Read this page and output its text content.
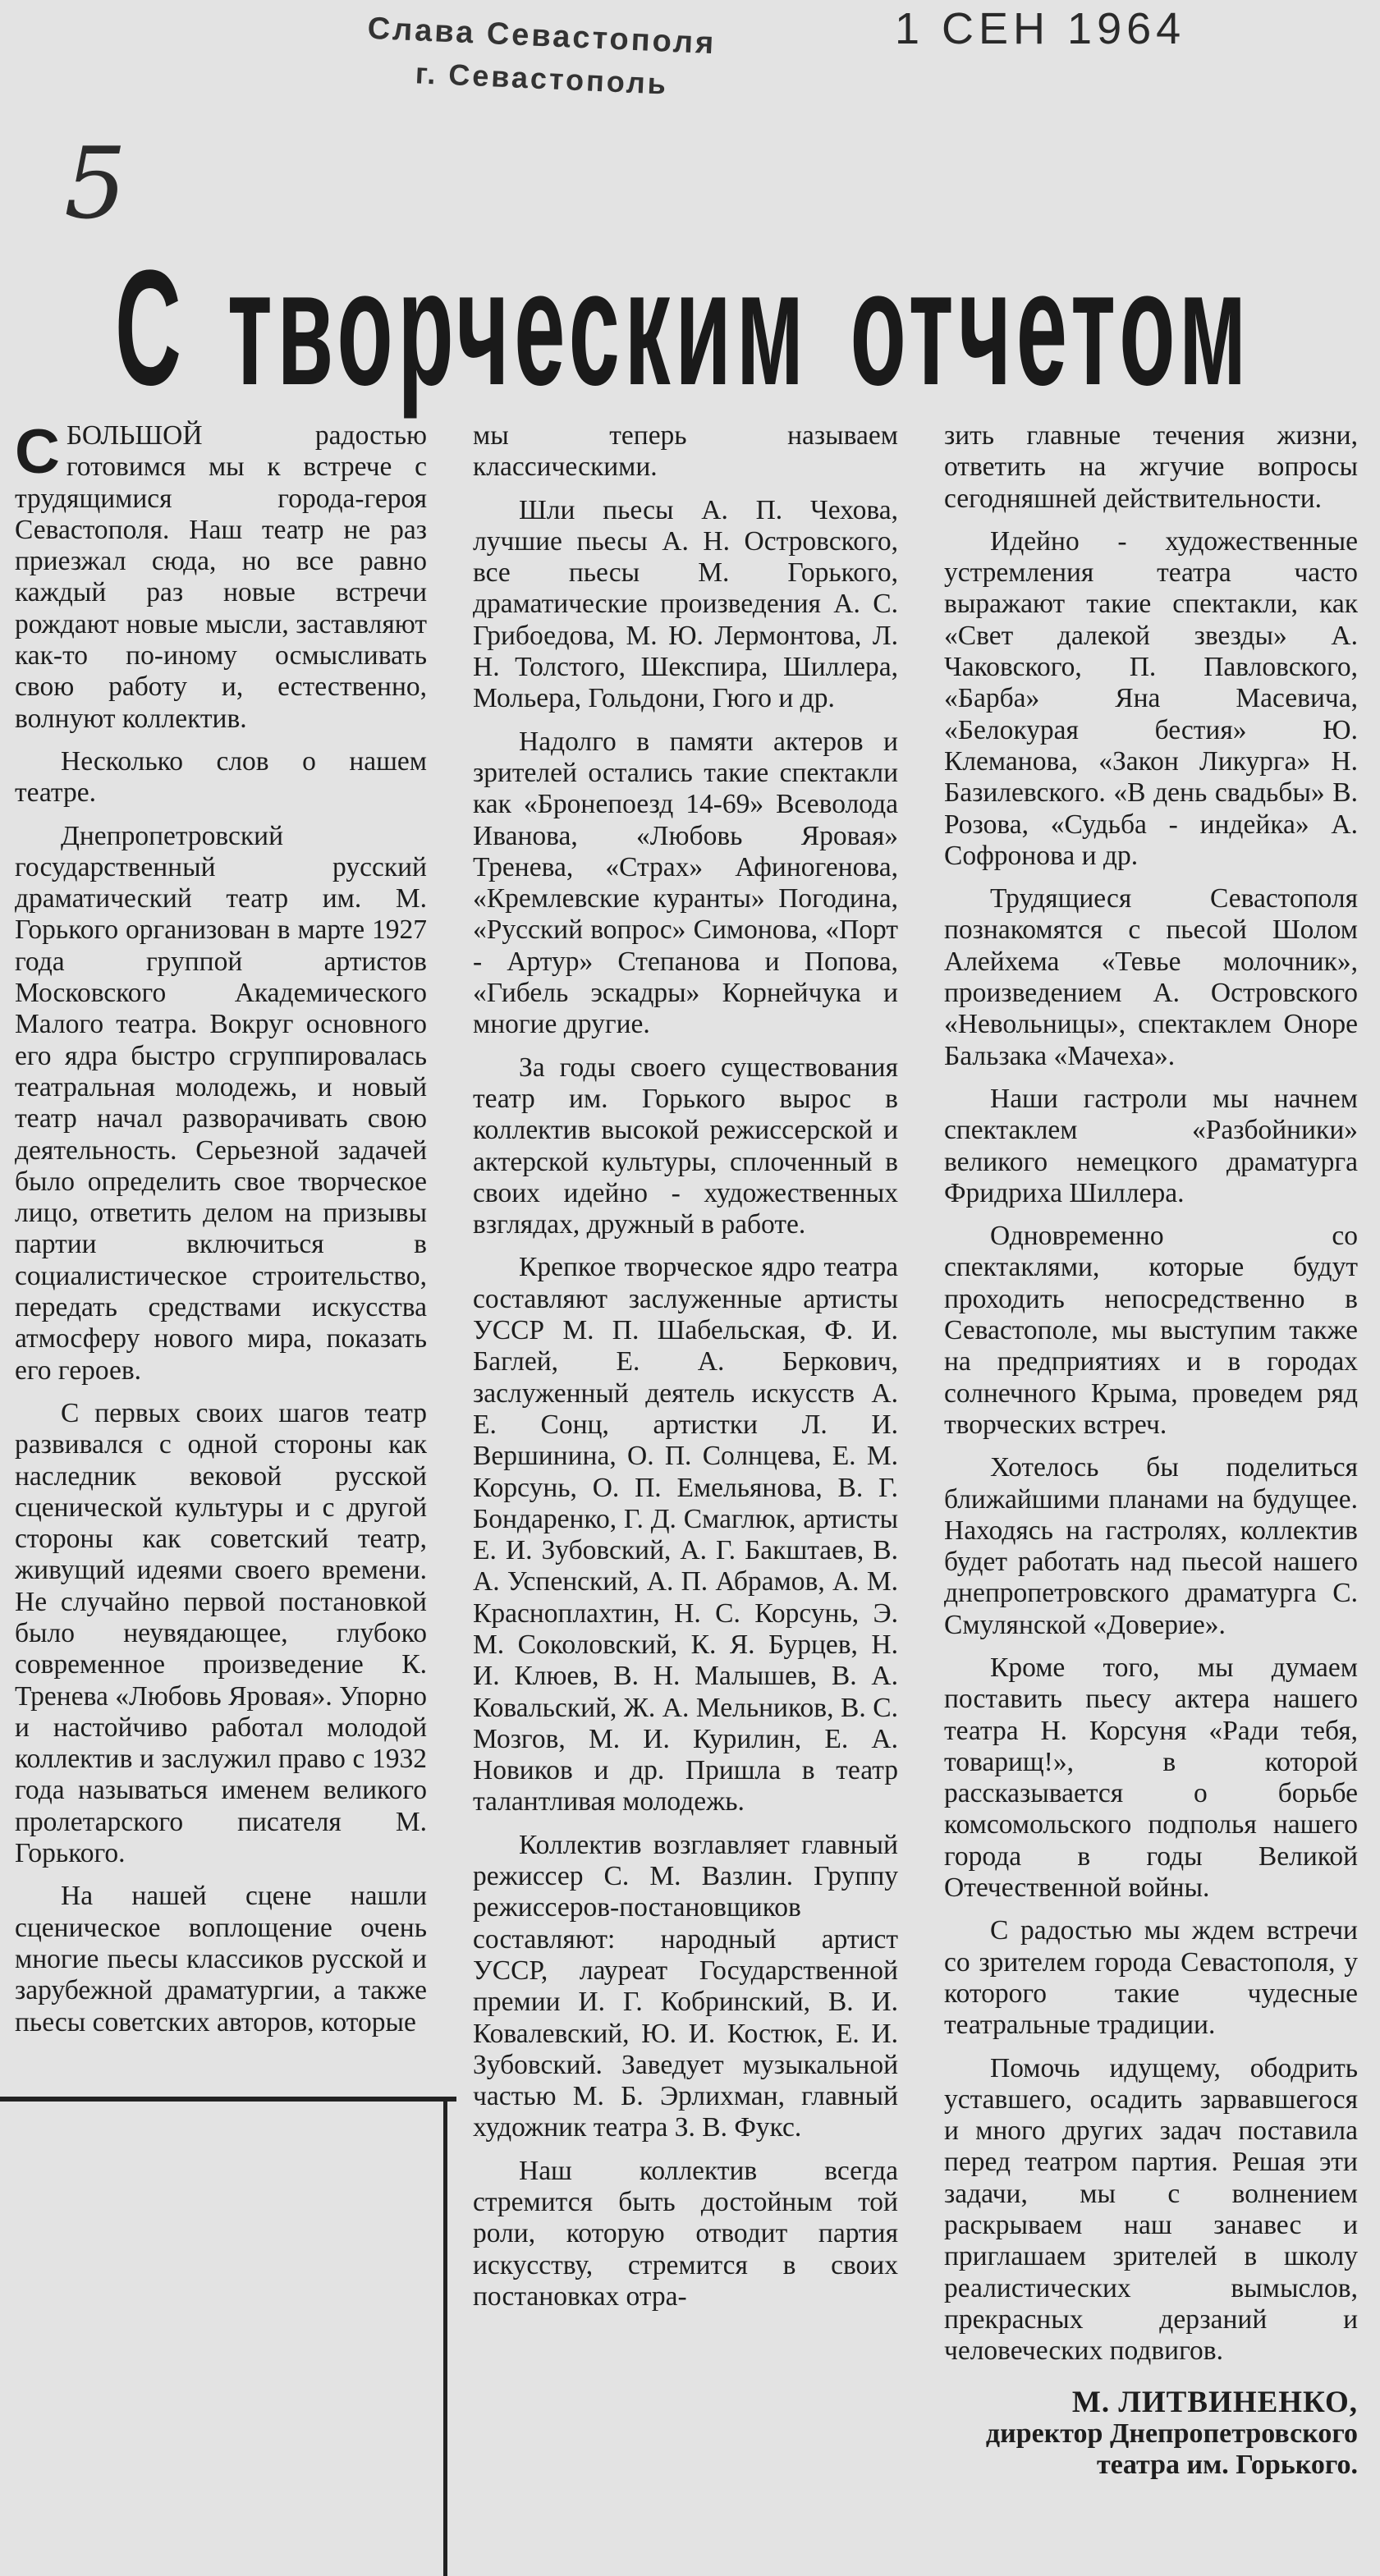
Слава Севастополя
г. Севастополь
1 СЕН 1964
5
С творческим отчетом

СБОЛЬШОЙ радостью готовимся мы к встрече с трудящимися города-героя Севастополя. Наш театр не раз приезжал сюда, но все равно каждый раз новые встречи рождают новые мысли, заставляют как-то по-иному осмысливать свою работу и, естественно, волнуют коллектив.

Несколько слов о нашем театре.

Днепропетровский государственный русский драматический театр им. М. Горького организован в марте 1927 года группой артистов Московского Академического Малого театра. Вокруг основного его ядра быстро сгруппировалась театральная молодежь, и новый театр начал разворачивать свою деятельность. Серьезной задачей было определить свое творческое лицо, ответить делом на призывы партии включиться в социалистическое строительство, передать средствами искусства атмосферу нового мира, показать его героев.

С первых своих шагов театр развивался с одной стороны как наследник вековой русской сценической культуры и с другой стороны как советский театр, живущий идеями своего времени. Не случайно первой постановкой было неувядающее, глубоко современное произведение К. Тренева «Любовь Яровая». Упорно и настойчиво работал молодой коллектив и заслужил право с 1932 года называться именем великого пролетарского писателя М. Горького.

На нашей сцене нашли сценическое воплощение очень многие пьесы классиков русской и зарубежной драматургии, а также пьесы советских авторов, которые

мы теперь называем классическими.

Шли пьесы А. П. Чехова, лучшие пьесы А. Н. Островского, все пьесы М. Горького, драматические произведения А. С. Грибоедова, М. Ю. Лермонтова, Л. Н. Толстого, Шекспира, Шиллера, Мольера, Гольдони, Гюго и др.

Надолго в памяти актеров и зрителей остались такие спектакли как «Бронепоезд 14-69» Всеволода Иванова, «Любовь Яровая» Тренева, «Страх» Афиногенова, «Кремлевские куранты» Погодина, «Русский вопрос» Симонова, «Порт - Артур» Степанова и Попова, «Гибель эскадры» Корнейчука и многие другие.

За годы своего существования театр им. Горького вырос в коллектив высокой режиссерской и актерской культуры, сплоченный в своих идейно - художественных взглядах, дружный в работе.

Крепкое творческое ядро театра составляют заслуженные артисты УССР М. П. Шабельская, Ф. И. Баглей, Е. А. Беркович, заслуженный деятель искусств А. Е. Сонц, артистки Л. И. Вершинина, О. П. Солнцева, Е. М. Корсунь, О. П. Емельянова, В. Г. Бондаренко, Г. Д. Смаглюк, артисты Е. И. Зубовский, А. Г. Бакштаев, В. А. Успенский, А. П. Абрамов, А. М. Красноплахтин, Н. С. Корсунь, Э. М. Соколовский, К. Я. Бурцев, Н. И. Клюев, В. Н. Малышев, В. А. Ковальский, Ж. А. Мельников, В. С. Мозгов, М. И. Курилин, Е. А. Новиков и др. Пришла в театр талантливая молодежь.

Коллектив возглавляет главный режиссер С. М. Вазлин. Группу режиссеров-постановщиков составляют: народный артист УССР, лауреат Государственной премии И. Г. Кобринский, В. И. Ковалевский, Ю. И. Костюк, Е. И. Зубовский. Заведует музыкальной частью М. Б. Эрлихман, главный художник театра З. В. Фукс.

Наш коллектив всегда стремится быть достойным той роли, которую отводит партия искусству, стремится в своих постановках отра-

зить главные течения жизни, ответить на жгучие вопросы сегодняшней действительности.

Идейно - художественные устремления театра часто выражают такие спектакли, как «Свет далекой звезды» А. Чаковского, П. Павловского, «Барба» Яна Масевича, «Белокурая бестия» Ю. Клеманова, «Закон Ликурга» Н. Базилевского. «В день свадьбы» В. Розова, «Судьба - индейка» А. Софронова и др.

Трудящиеся Севастополя познакомятся с пьесой Шолом Алейхема «Тевье молочник», произведением А. Островского «Невольницы», спектаклем Оноре Бальзака «Мачеха».

Наши гастроли мы начнем спектаклем «Разбойники» великого немецкого драматурга Фридриха Шиллера.

Одновременно со спектаклями, которые будут проходить непосредственно в Севастополе, мы выступим также на предприятиях и в городах солнечного Крыма, проведем ряд творческих встреч.

Хотелось бы поделиться ближайшими планами на будущее. Находясь на гастролях, коллектив будет работать над пьесой нашего днепропетровского драматурга С. Смулянской «Доверие».

Кроме того, мы думаем поставить пьесу актера нашего театра Н. Корсуня «Ради тебя, товарищ!», в которой рассказывается о борьбе комсомольского подполья нашего города в годы Великой Отечественной войны.

С радостью мы ждем встречи со зрителем города Севастополя, у которого такие чудесные театральные традиции.

Помочь идущему, ободрить уставшего, осадить зарвавшегося и много других задач поставила перед театром партия. Решая эти задачи, мы с волнением раскрываем наш занавес и приглашаем зрителей в школу реалистических вымыслов, прекрасных дерзаний и человеческих подвигов.

М. ЛИТВИНЕНКО,
директор Днепропетровского театра им. Горького.
